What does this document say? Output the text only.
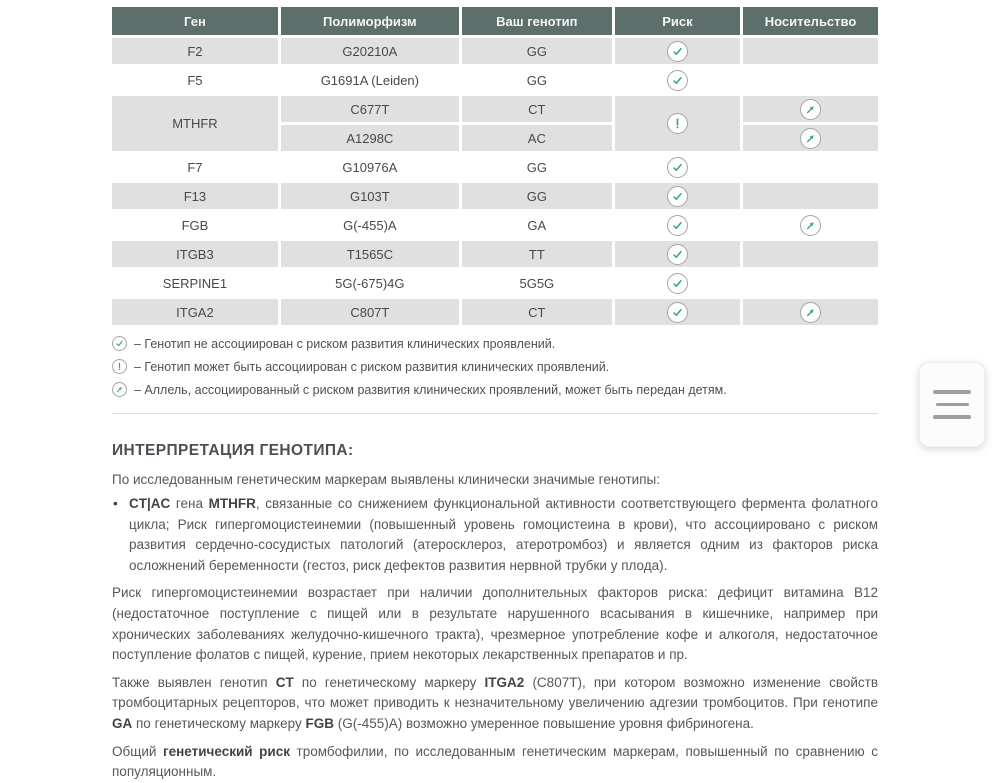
Ген	Полиморфизм	Ваш генотип	Риск	Носительство
F2	G20210A	GG	

F5	G1691A (Leiden)	GG	

MTHFR	C677T	CT	

	A1298C	AC	

F7	G10976A	GG	

F13	G103T	GG	

FGB	G(-455)A	GA	

ITGB3	T1565C	TT	

SERPINE1	5G(-675)4G	5G5G	

ITGA2	C807T	CT	

– Генотип не ассоциирован с риском развития клинических проявлений.
– Генотип может быть ассоциирован с риском развития клинических проявлений.
– Аллель, ассоциированный с риском развития клинических проявлений, может быть передан детям.
ИНТЕРПРЕТАЦИЯ ГЕНОТИПА:
По исследованным генетическим маркерам выявлены клинически значимые генотипы:
• CT|AC гена MTHFR, связанные со снижением функциональной активности соответствующего фермента фолатного цикла; Риск гипергомоцистеинемии (повышенный уровень гомоцистеина в крови), что ассоциировано с риском развития сердечно-сосудистых патологий (атеросклероз, атеротромбоз) и является одним из факторов риска осложнений беременности (гестоз, риск дефектов развития нервной трубки у плода).
Риск гипергомоцистеинемии возрастает при наличии дополнительных факторов риска: дефицит витамина B12 (недостаточное поступление с пищей или в результате нарушенного всасывания в кишечнике, например при хронических заболеваниях желудочно-кишечного тракта), чрезмерное употребление кофе и алкоголя, недостаточное поступление фолатов с пищей, курение, прием некоторых лекарственных препаратов и пр.
Также выявлен генотип CT по генетическому маркеру ITGA2 (C807T), при котором возможно изменение свойств тромбоцитарных рецепторов, что может приводить к незначительному увеличению адгезии тромбоцитов. При генотипе GA по генетическому маркеру FGB (G(-455)A) возможно умеренное повышение уровня фибриногена.
Общий генетический риск тромбофилии, по исследованным генетическим маркерам, повышенный по сравнению с популяционным.
